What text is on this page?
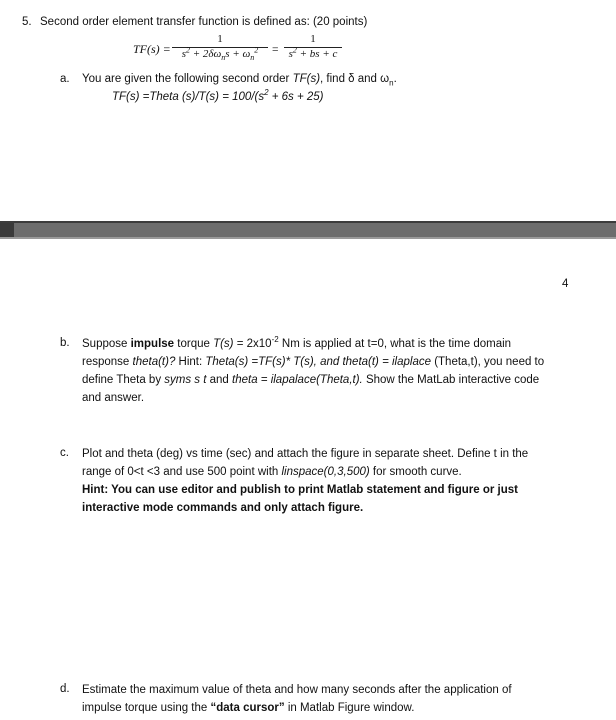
5. Second order element transfer function is defined as: (20 points)
TF(s) =
1
$s^2 + 2\delta\omega_ns + \omega_n^2$	=
1
$s^2$ + bs + c
a. You are given the following second order TF(s), find δ and $\omega_n$.
TF(s) =Theta $(s)/T(s) = 100/(s^2 + 6s + 25)$
4
b. Suppose impulse torque $T(s) = 2x10^{-2}$ Nm is applied at t=0, what is the time domain
response theta(t)? Hint: Theta(s) =TF(s)* T(s), and theta(t) = ilaplace (Theta,t), you need to
define Theta by syms s t and theta = ilapalace(Theta,t). Show the MatLab interactive code
and answer.
c. Plot and theta (deg) vs time (sec) and attach the figure in separate sheet. Define t in the
range of 0<t <3 and use 500 point with linspace(0,3,500) for smooth curve.
Hint: You can use editor and publish to print Matlab statement and figure or just
interactive mode commands and only attach figure.
d. Estimate the maximum value of theta and how many seconds after the application of
impulse torque using the “data cursor” in Matlab Figure window.
